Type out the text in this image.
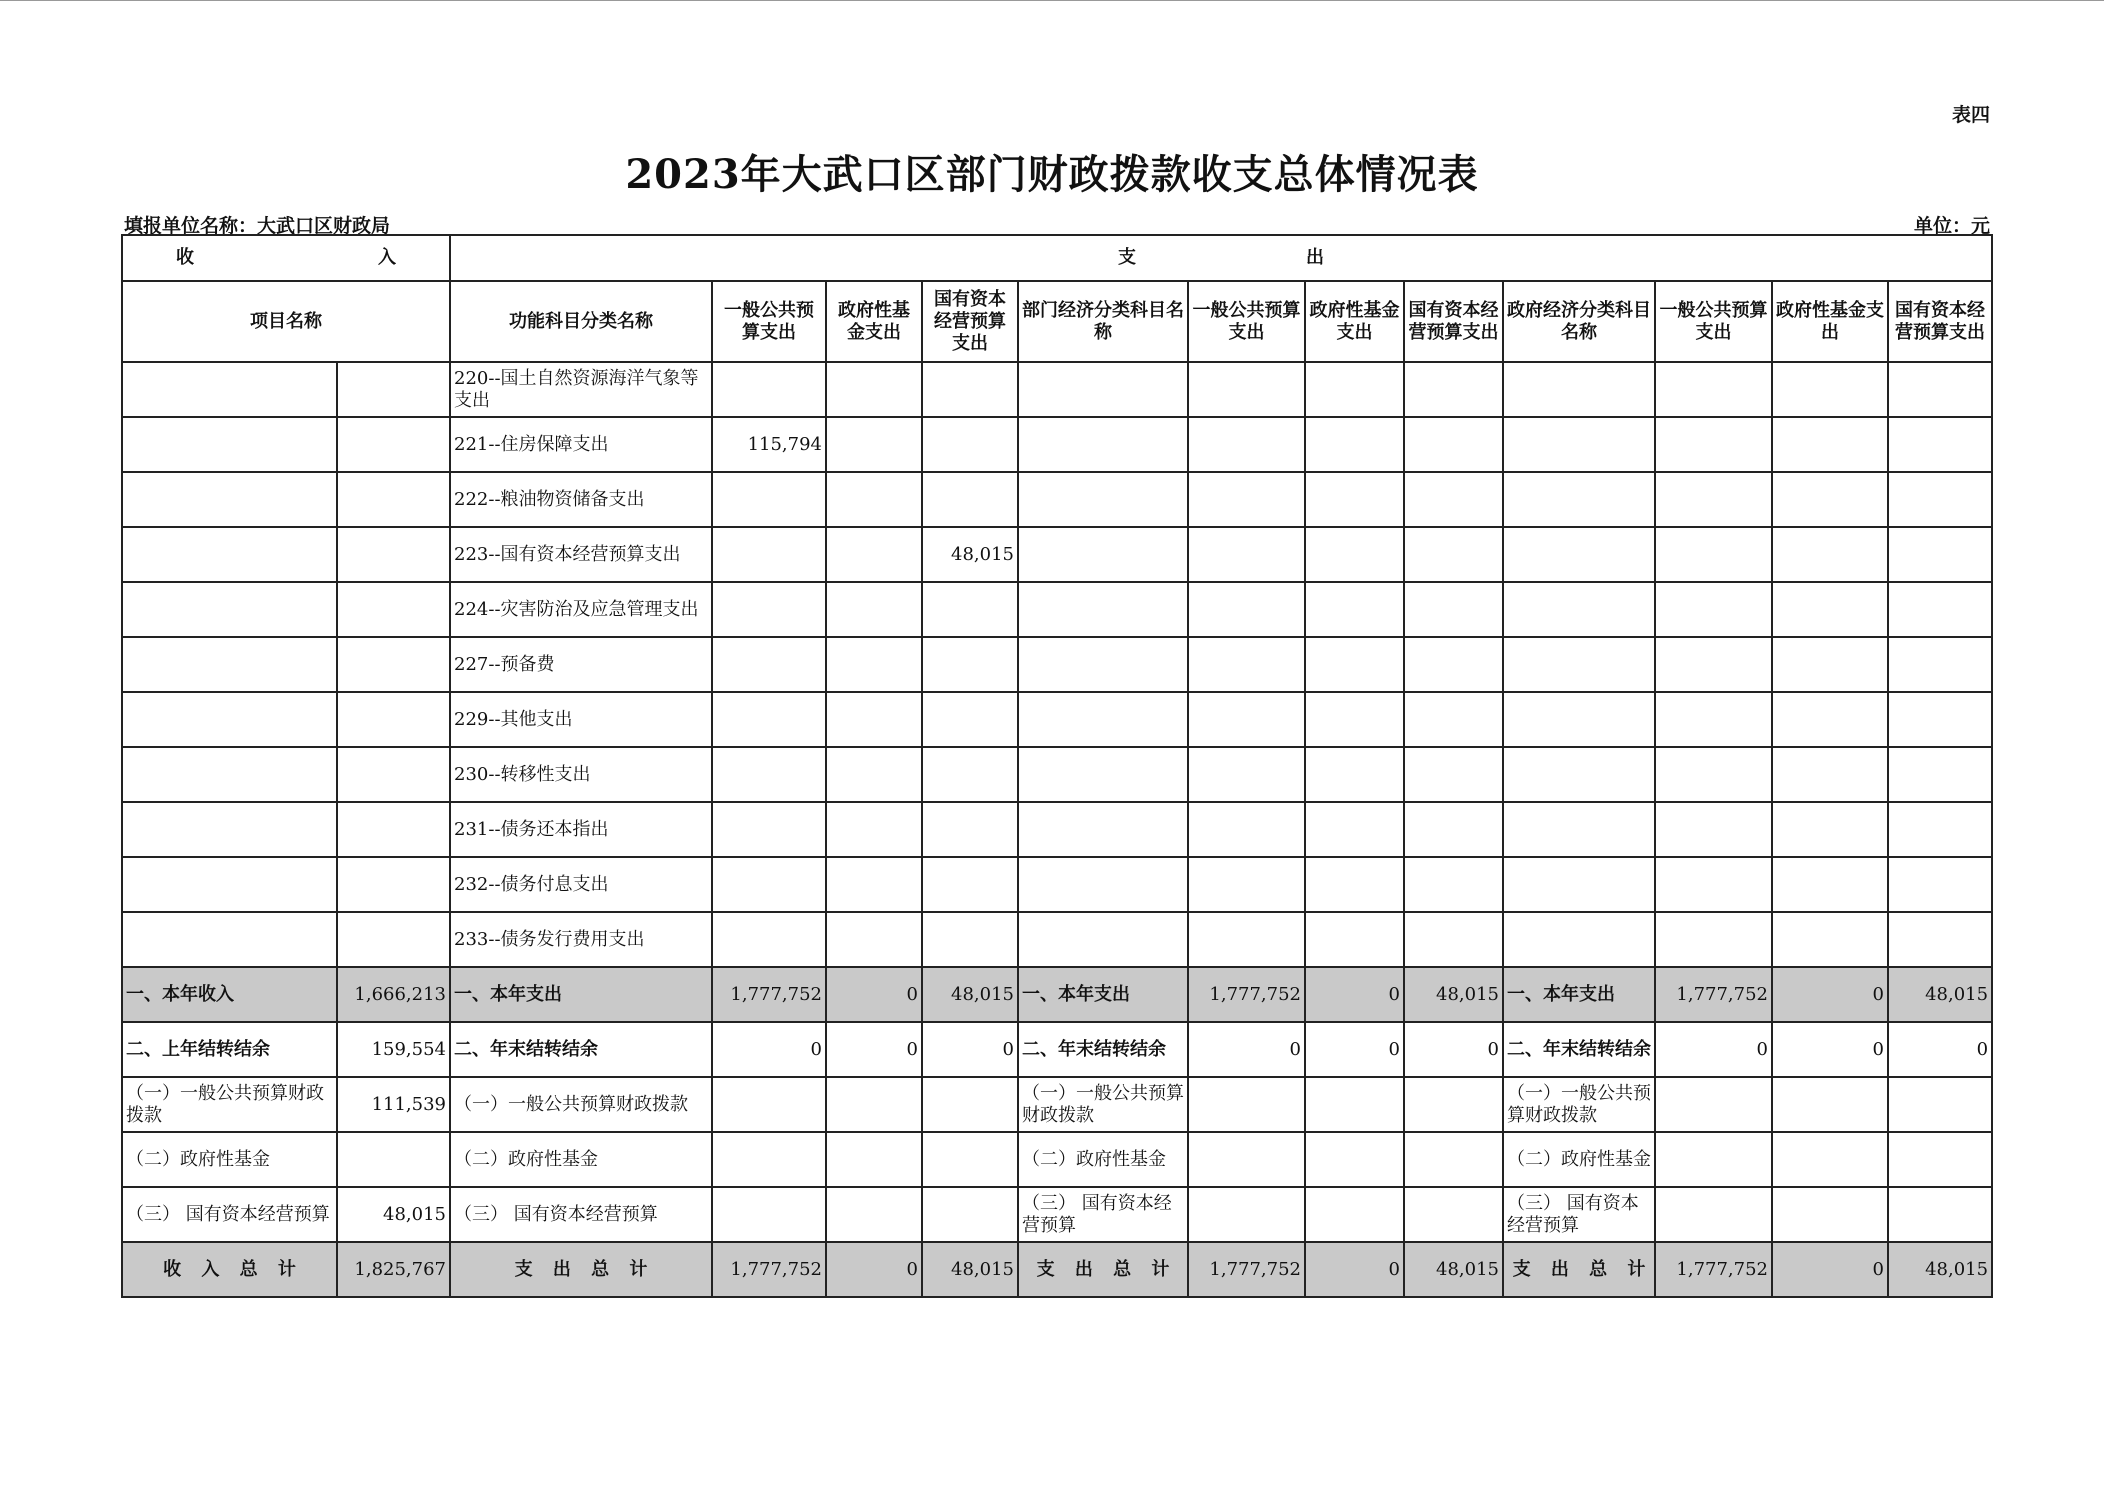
表四
2023年大武口区部门财政拨款收支总体情况表
填报单位名称：大武口区财政局	单位：元
收 入		支 出											

项目名称		功能科目分类名称	一般公共预算支出	政府性基金支出	国有资本经营预算支出	部门经济分类科目名称	一般公共预算支出	政府性基金支出	国有资本经营预算支出	政府经济分类科目名称	一般公共预算支出	政府性基金支出	国有资本经营预算支出
		220--国土自然资源海洋气象等支出											
		221--住房保障支出	115,794										
		222--粮油物资储备支出											
		223--国有资本经营预算支出			48,015								
		224--灾害防治及应急管理支出											
		227--预备费											
		229--其他支出											
		230--转移性支出											
		231--债务还本指出											
		232--债务付息支出											
		233--债务发行费用支出											
一、本年收入	1,666,213	一、本年支出	1,777,752	0	48,015	一、本年支出	1,777,752	0	48,015	一、本年支出	1,777,752	0	48,015
二、上年结转结余	159,554	二、年末结转结余	0	0	0	二、年末结转结余	0	0	0	二、年末结转结余	0	0	0
（一）一般公共预算财政拨款	111,539	（一）一般公共预算财政拨款				（一）一般公共预算财政拨款				（一）一般公共预算财政拨款			
（二）政府性基金		（二）政府性基金				（二）政府性基金				（二）政府性基金			
（三） 国有资本经营预算	48,015	（三） 国有资本经营预算				（三） 国有资本经营预算				（三） 国有资本经营预算			
收 入 总 计	1,825,767	支 出 总 计	1,777,752	0	48,015	支 出 总 计	1,777,752	0	48,015	支 出 总 计	1,777,752	0	48,015
